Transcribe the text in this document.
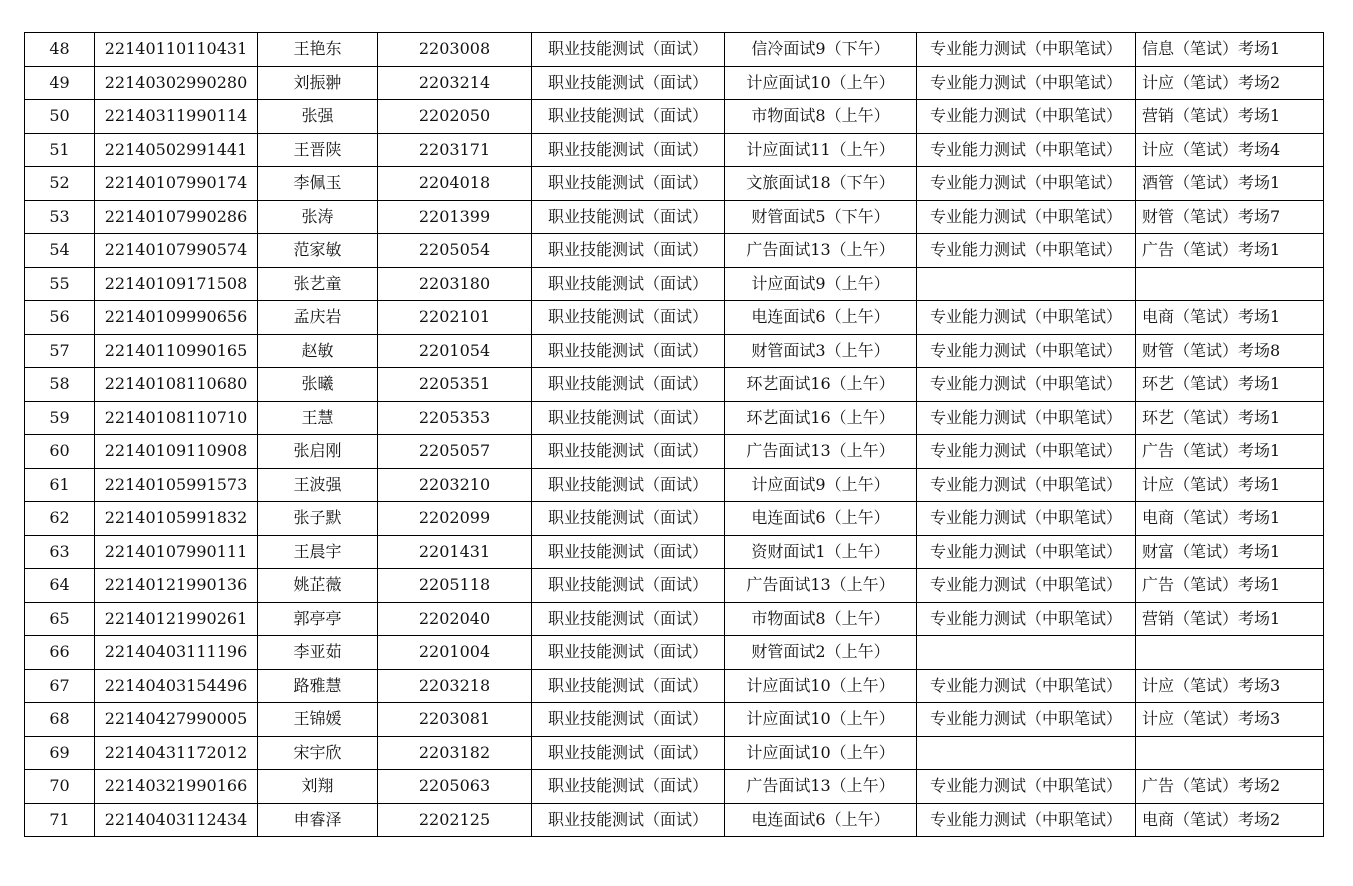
48	22140110110431	王艳东	2203008	职业技能测试（面试）	信冷面试9（下午）	专业能力测试（中职笔试）	信息（笔试）考场1
49	22140302990280	刘振翀	2203214	职业技能测试（面试）	计应面试10（上午）	专业能力测试（中职笔试）	计应（笔试）考场2
50	22140311990114	张强	2202050	职业技能测试（面试）	市物面试8（上午）	专业能力测试（中职笔试）	营销（笔试）考场1
51	22140502991441	王晋陕	2203171	职业技能测试（面试）	计应面试11（上午）	专业能力测试（中职笔试）	计应（笔试）考场4
52	22140107990174	李佩玉	2204018	职业技能测试（面试）	文旅面试18（下午）	专业能力测试（中职笔试）	酒管（笔试）考场1
53	22140107990286	张涛	2201399	职业技能测试（面试）	财管面试5（下午）	专业能力测试（中职笔试）	财管（笔试）考场7
54	22140107990574	范家敏	2205054	职业技能测试（面试）	广告面试13（上午）	专业能力测试（中职笔试）	广告（笔试）考场1
55	22140109171508	张艺童	2203180	职业技能测试（面试）	计应面试9（上午）		
56	22140109990656	孟庆岩	2202101	职业技能测试（面试）	电连面试6（上午）	专业能力测试（中职笔试）	电商（笔试）考场1
57	22140110990165	赵敏	2201054	职业技能测试（面试）	财管面试3（上午）	专业能力测试（中职笔试）	财管（笔试）考场8
58	22140108110680	张曦	2205351	职业技能测试（面试）	环艺面试16（上午）	专业能力测试（中职笔试）	环艺（笔试）考场1
59	22140108110710	王慧	2205353	职业技能测试（面试）	环艺面试16（上午）	专业能力测试（中职笔试）	环艺（笔试）考场1
60	22140109110908	张启刚	2205057	职业技能测试（面试）	广告面试13（上午）	专业能力测试（中职笔试）	广告（笔试）考场1
61	22140105991573	王波强	2203210	职业技能测试（面试）	计应面试9（上午）	专业能力测试（中职笔试）	计应（笔试）考场1
62	22140105991832	张子默	2202099	职业技能测试（面试）	电连面试6（上午）	专业能力测试（中职笔试）	电商（笔试）考场1
63	22140107990111	王晨宇	2201431	职业技能测试（面试）	资财面试1（上午）	专业能力测试（中职笔试）	财富（笔试）考场1
64	22140121990136	姚芷薇	2205118	职业技能测试（面试）	广告面试13（上午）	专业能力测试（中职笔试）	广告（笔试）考场1
65	22140121990261	郭亭亭	2202040	职业技能测试（面试）	市物面试8（上午）	专业能力测试（中职笔试）	营销（笔试）考场1
66	22140403111196	李亚茹	2201004	职业技能测试（面试）	财管面试2（上午）		
67	22140403154496	路雅慧	2203218	职业技能测试（面试）	计应面试10（上午）	专业能力测试（中职笔试）	计应（笔试）考场3
68	22140427990005	王锦媛	2203081	职业技能测试（面试）	计应面试10（上午）	专业能力测试（中职笔试）	计应（笔试）考场3
69	22140431172012	宋宇欣	2203182	职业技能测试（面试）	计应面试10（上午）		
70	22140321990166	刘翔	2205063	职业技能测试（面试）	广告面试13（上午）	专业能力测试（中职笔试）	广告（笔试）考场2
71	22140403112434	申睿泽	2202125	职业技能测试（面试）	电连面试6（上午）	专业能力测试（中职笔试）	电商（笔试）考场2
